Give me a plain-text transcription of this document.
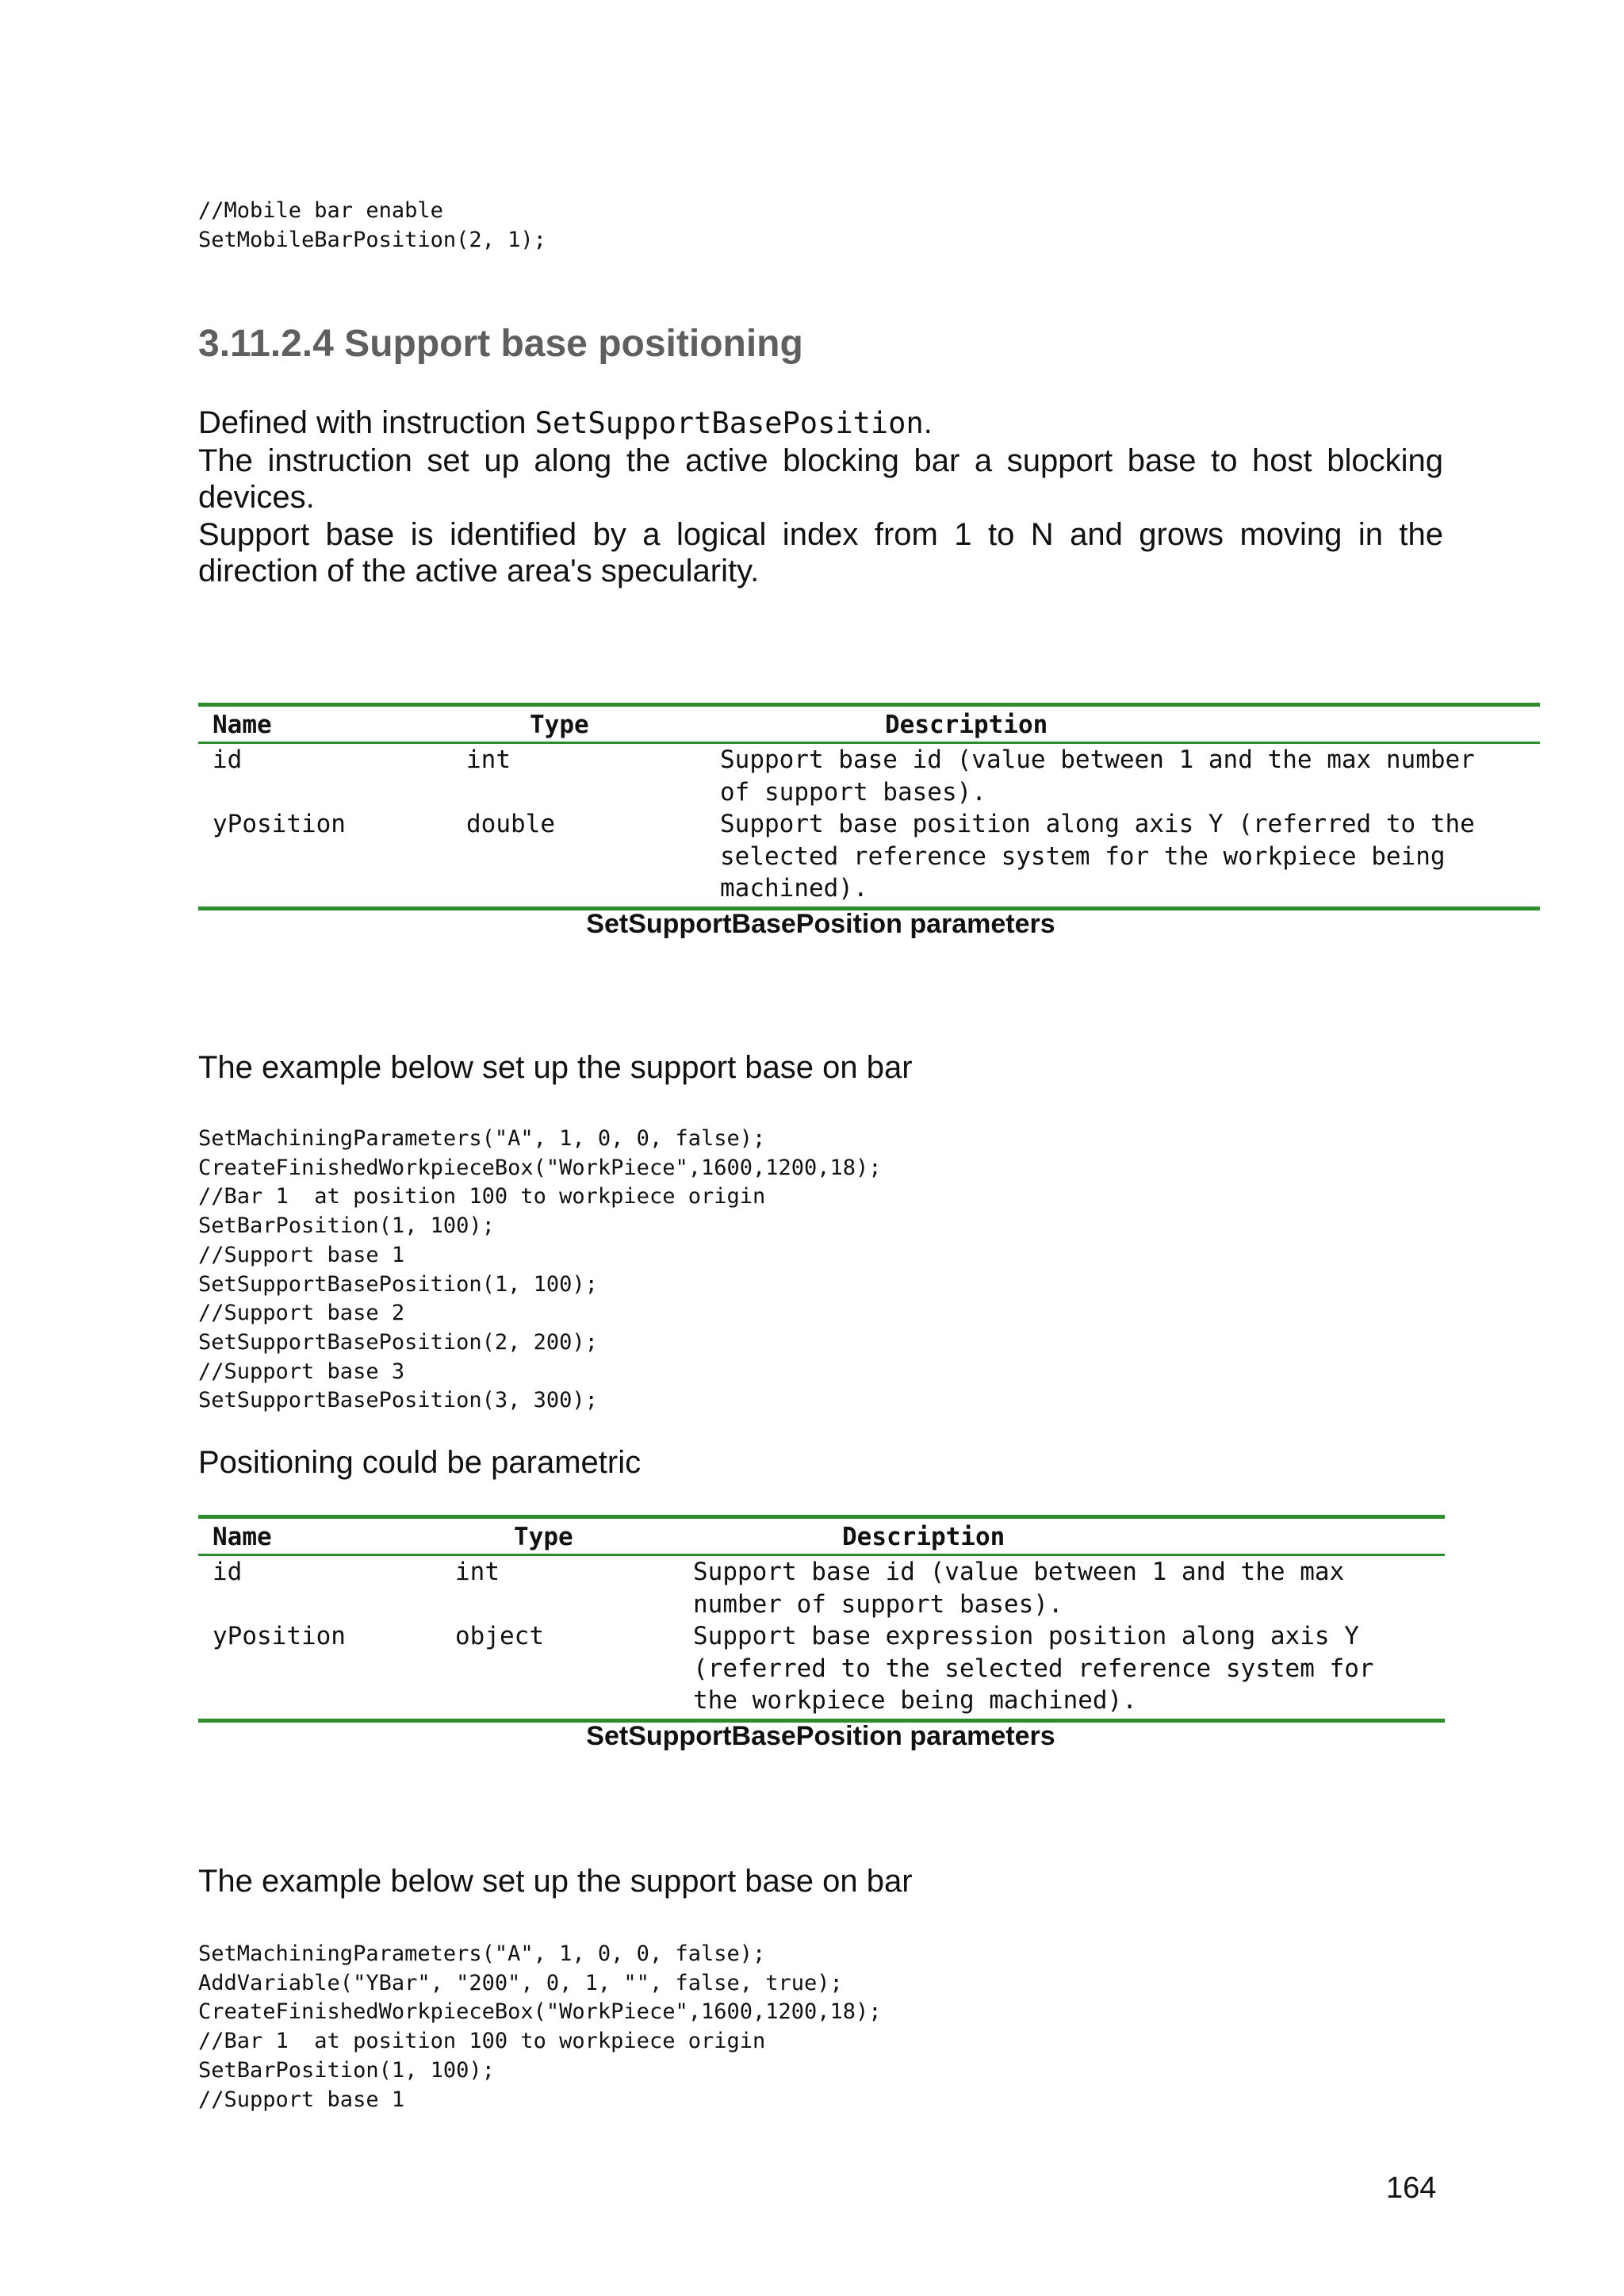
//Mobile bar enable
SetMobileBarPosition(2, 1);
3.11.2.4 Support base positioning

Defined with instruction SetSupportBasePosition.

The instruction set up along the active blocking bar a support base to host blocking devices.

Support base is identified by a logical index from 1 to N and grows moving in the direction of the active area's specularity.

Name	Type	Description
id	int	Support base id (value between 1 and the max number of support bases).
yPosition	double	Support base position along axis Y (referred to the selected reference system for the workpiece being machined).

SetSupportBasePosition parameters

The example below set up the support base on bar

SetMachiningParameters("A", 1, 0, 0, false);
CreateFinishedWorkpieceBox("WorkPiece",1600,1200,18);
//Bar 1  at position 100 to workpiece origin
SetBarPosition(1, 100);
//Support base 1
SetSupportBasePosition(1, 100);
//Support base 2
SetSupportBasePosition(2, 200);
//Support base 3
SetSupportBasePosition(3, 300);

Positioning could be parametric

Name	Type	Description
id	int	Support base id (value between 1 and the max number of support bases).
yPosition	object	Support base expression position along axis Y (referred to the selected reference system for the workpiece being machined).

SetSupportBasePosition parameters

The example below set up the support base on bar

SetMachiningParameters("A", 1, 0, 0, false);
AddVariable("YBar", "200", 0, 1, "", false, true);
CreateFinishedWorkpieceBox("WorkPiece",1600,1200,18);
//Bar 1  at position 100 to workpiece origin
SetBarPosition(1, 100);
//Support base 1
164
